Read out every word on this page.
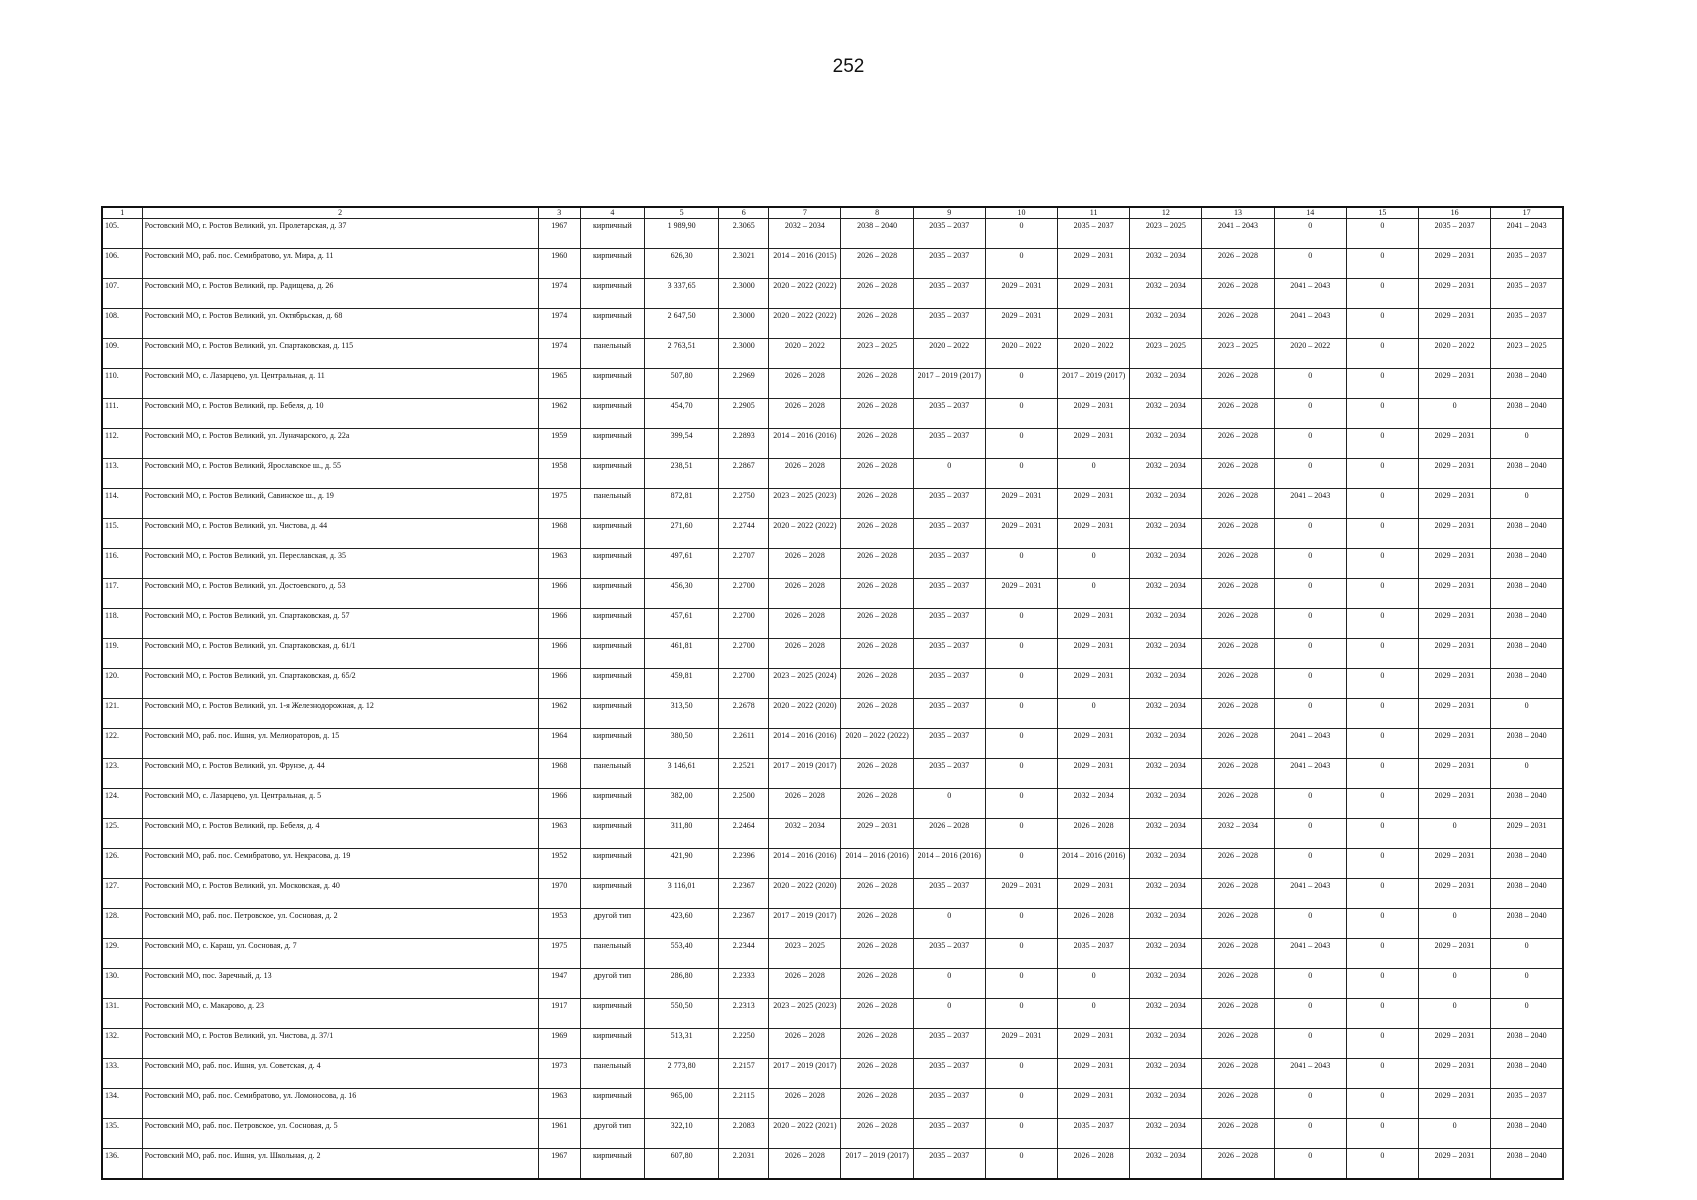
252
1	2	3	4	5	6	7	8	9	10	11	12	13	14	15	16	17
105.	Ростовский МО, г. Ростов Великий, ул. Пролетарская, д. 37	1967	кирпичный	1 989,90	2.3065	2032 – 2034	2038 – 2040	2035 – 2037	0	2035 – 2037	2023 – 2025	2041 – 2043	0	0	2035 – 2037	2041 – 2043
106.	Ростовский МО, раб. пос. Семибратово, ул. Мира, д. 11	1960	кирпичный	626,30	2.3021	2014 – 2016 (2015)	2026 – 2028	2035 – 2037	0	2029 – 2031	2032 – 2034	2026 – 2028	0	0	2029 – 2031	2035 – 2037
107.	Ростовский МО, г. Ростов Великий, пр. Радищева, д. 26	1974	кирпичный	3 337,65	2.3000	2020 – 2022 (2022)	2026 – 2028	2035 – 2037	2029 – 2031	2029 – 2031	2032 – 2034	2026 – 2028	2041 – 2043	0	2029 – 2031	2035 – 2037
108.	Ростовский МО, г. Ростов Великий, ул. Октябрьская, д. 68	1974	кирпичный	2 647,50	2.3000	2020 – 2022 (2022)	2026 – 2028	2035 – 2037	2029 – 2031	2029 – 2031	2032 – 2034	2026 – 2028	2041 – 2043	0	2029 – 2031	2035 – 2037
109.	Ростовский МО, г. Ростов Великий, ул. Спартаковская, д. 115	1974	панельный	2 763,51	2.3000	2020 – 2022	2023 – 2025	2020 – 2022	2020 – 2022	2020 – 2022	2023 – 2025	2023 – 2025	2020 – 2022	0	2020 – 2022	2023 – 2025
110.	Ростовский МО, с. Лазарцево, ул. Центральная, д. 11	1965	кирпичный	507,80	2.2969	2026 – 2028	2026 – 2028	2017 – 2019 (2017)	0	2017 – 2019 (2017)	2032 – 2034	2026 – 2028	0	0	2029 – 2031	2038 – 2040
111.	Ростовский МО, г. Ростов Великий, пр. Бебеля, д. 10	1962	кирпичный	454,70	2.2905	2026 – 2028	2026 – 2028	2035 – 2037	0	2029 – 2031	2032 – 2034	2026 – 2028	0	0	0	2038 – 2040
112.	Ростовский МО, г. Ростов Великий, ул. Луначарского, д. 22а	1959	кирпичный	399,54	2.2893	2014 – 2016 (2016)	2026 – 2028	2035 – 2037	0	2029 – 2031	2032 – 2034	2026 – 2028	0	0	2029 – 2031	0
113.	Ростовский МО, г. Ростов Великий, Ярославское ш., д. 55	1958	кирпичный	238,51	2.2867	2026 – 2028	2026 – 2028	0	0	0	2032 – 2034	2026 – 2028	0	0	2029 – 2031	2038 – 2040
114.	Ростовский МО, г. Ростов Великий, Савинское ш., д. 19	1975	панельный	872,81	2.2750	2023 – 2025 (2023)	2026 – 2028	2035 – 2037	2029 – 2031	2029 – 2031	2032 – 2034	2026 – 2028	2041 – 2043	0	2029 – 2031	0
115.	Ростовский МО, г. Ростов Великий, ул. Чистова, д. 44	1968	кирпичный	271,60	2.2744	2020 – 2022 (2022)	2026 – 2028	2035 – 2037	2029 – 2031	2029 – 2031	2032 – 2034	2026 – 2028	0	0	2029 – 2031	2038 – 2040
116.	Ростовский МО, г. Ростов Великий, ул. Переславская, д. 35	1963	кирпичный	497,61	2.2707	2026 – 2028	2026 – 2028	2035 – 2037	0	0	2032 – 2034	2026 – 2028	0	0	2029 – 2031	2038 – 2040
117.	Ростовский МО, г. Ростов Великий, ул. Достоевского, д. 53	1966	кирпичный	456,30	2.2700	2026 – 2028	2026 – 2028	2035 – 2037	2029 – 2031	0	2032 – 2034	2026 – 2028	0	0	2029 – 2031	2038 – 2040
118.	Ростовский МО, г. Ростов Великий, ул. Спартаковская, д. 57	1966	кирпичный	457,61	2.2700	2026 – 2028	2026 – 2028	2035 – 2037	0	2029 – 2031	2032 – 2034	2026 – 2028	0	0	2029 – 2031	2038 – 2040
119.	Ростовский МО, г. Ростов Великий, ул. Спартаковская, д. 61/1	1966	кирпичный	461,81	2.2700	2026 – 2028	2026 – 2028	2035 – 2037	0	2029 – 2031	2032 – 2034	2026 – 2028	0	0	2029 – 2031	2038 – 2040
120.	Ростовский МО, г. Ростов Великий, ул. Спартаковская, д. 65/2	1966	кирпичный	459,81	2.2700	2023 – 2025 (2024)	2026 – 2028	2035 – 2037	0	2029 – 2031	2032 – 2034	2026 – 2028	0	0	2029 – 2031	2038 – 2040
121.	Ростовский МО, г. Ростов Великий, ул. 1-я Железнодорожная, д. 12	1962	кирпичный	313,50	2.2678	2020 – 2022 (2020)	2026 – 2028	2035 – 2037	0	0	2032 – 2034	2026 – 2028	0	0	2029 – 2031	0
122.	Ростовский МО, раб. пос. Ишня, ул. Мелиораторов, д. 15	1964	кирпичный	380,50	2.2611	2014 – 2016 (2016)	2020 – 2022 (2022)	2035 – 2037	0	2029 – 2031	2032 – 2034	2026 – 2028	2041 – 2043	0	2029 – 2031	2038 – 2040
123.	Ростовский МО, г. Ростов Великий, ул. Фрунзе, д. 44	1968	панельный	3 146,61	2.2521	2017 – 2019 (2017)	2026 – 2028	2035 – 2037	0	2029 – 2031	2032 – 2034	2026 – 2028	2041 – 2043	0	2029 – 2031	0
124.	Ростовский МО, с. Лазарцево, ул. Центральная, д. 5	1966	кирпичный	382,00	2.2500	2026 – 2028	2026 – 2028	0	0	2032 – 2034	2032 – 2034	2026 – 2028	0	0	2029 – 2031	2038 – 2040
125.	Ростовский МО, г. Ростов Великий, пр. Бебеля, д. 4	1963	кирпичный	311,80	2.2464	2032 – 2034	2029 – 2031	2026 – 2028	0	2026 – 2028	2032 – 2034	2032 – 2034	0	0	0	2029 – 2031
126.	Ростовский МО, раб. пос. Семибратово, ул. Некрасова, д. 19	1952	кирпичный	421,90	2.2396	2014 – 2016 (2016)	2014 – 2016 (2016)	2014 – 2016 (2016)	0	2014 – 2016 (2016)	2032 – 2034	2026 – 2028	0	0	2029 – 2031	2038 – 2040
127.	Ростовский МО, г. Ростов Великий, ул. Московская, д. 40	1970	кирпичный	3 116,01	2.2367	2020 – 2022 (2020)	2026 – 2028	2035 – 2037	2029 – 2031	2029 – 2031	2032 – 2034	2026 – 2028	2041 – 2043	0	2029 – 2031	2038 – 2040
128.	Ростовский МО, раб. пос. Петровское, ул. Сосновая, д. 2	1953	другой тип	423,60	2.2367	2017 – 2019 (2017)	2026 – 2028	0	0	2026 – 2028	2032 – 2034	2026 – 2028	0	0	0	2038 – 2040
129.	Ростовский МО, с. Караш, ул. Сосновая, д. 7	1975	панельный	553,40	2.2344	2023 – 2025	2026 – 2028	2035 – 2037	0	2035 – 2037	2032 – 2034	2026 – 2028	2041 – 2043	0	2029 – 2031	0
130.	Ростовский МО, пос. Заречный, д. 13	1947	другой тип	286,80	2.2333	2026 – 2028	2026 – 2028	0	0	0	2032 – 2034	2026 – 2028	0	0	0	0
131.	Ростовский МО, с. Макарово, д. 23	1917	кирпичный	550,50	2.2313	2023 – 2025 (2023)	2026 – 2028	0	0	0	2032 – 2034	2026 – 2028	0	0	0	0
132.	Ростовский МО, г. Ростов Великий, ул. Чистова, д. 37/1	1969	кирпичный	513,31	2.2250	2026 – 2028	2026 – 2028	2035 – 2037	2029 – 2031	2029 – 2031	2032 – 2034	2026 – 2028	0	0	2029 – 2031	2038 – 2040
133.	Ростовский МО, раб. пос. Ишня, ул. Советская, д. 4	1973	панельный	2 773,80	2.2157	2017 – 2019 (2017)	2026 – 2028	2035 – 2037	0	2029 – 2031	2032 – 2034	2026 – 2028	2041 – 2043	0	2029 – 2031	2038 – 2040
134.	Ростовский МО, раб. пос. Семибратово, ул. Ломоносова, д. 16	1963	кирпичный	965,00	2.2115	2026 – 2028	2026 – 2028	2035 – 2037	0	2029 – 2031	2032 – 2034	2026 – 2028	0	0	2029 – 2031	2035 – 2037
135.	Ростовский МО, раб. пос. Петровское, ул. Сосновая, д. 5	1961	другой тип	322,10	2.2083	2020 – 2022 (2021)	2026 – 2028	2035 – 2037	0	2035 – 2037	2032 – 2034	2026 – 2028	0	0	0	2038 – 2040
136.	Ростовский МО, раб. пос. Ишня, ул. Школьная, д. 2	1967	кирпичный	607,80	2.2031	2026 – 2028	2017 – 2019 (2017)	2035 – 2037	0	2026 – 2028	2032 – 2034	2026 – 2028	0	0	2029 – 2031	2038 – 2040
